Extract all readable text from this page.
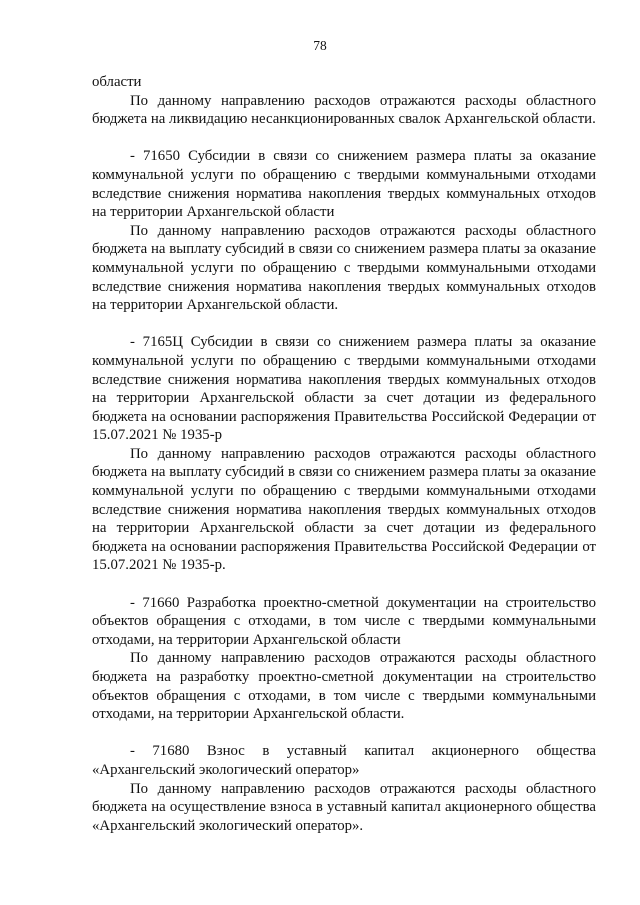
78

области

По данному направлению расходов отражаются расходы областного бюджета на ликвидацию несанкционированных свалок Архангельской области.

- 71650 Субсидии в связи со снижением размера платы за оказание коммунальной услуги по обращению с твердыми коммунальными отходами вследствие снижения норматива накопления твердых коммунальных отходов на территории Архангельской области

По данному направлению расходов отражаются расходы областного бюджета на выплату субсидий в связи со снижением размера платы за оказание коммунальной услуги по обращению с твердыми коммунальными отходами вследствие снижения норматива накопления твердых коммунальных отходов на территории Архангельской области.

- 7165Ц Субсидии в связи со снижением размера платы за оказание коммунальной услуги по обращению с твердыми коммунальными отходами вследствие снижения норматива накопления твердых коммунальных отходов на территории Архангельской области за счет дотации из федерального бюджета на основании распоряжения Правительства Российской Федерации от 15.07.2021 № 1935-р

По данному направлению расходов отражаются расходы областного бюджета на выплату субсидий в связи со снижением размера платы за оказание коммунальной услуги по обращению с твердыми коммунальными отходами вследствие снижения норматива накопления твердых коммунальных отходов на территории Архангельской области за счет дотации из федерального бюджета на основании распоряжения Правительства Российской Федерации от 15.07.2021 № 1935-р.

- 71660 Разработка проектно-сметной документации на строительство объектов обращения с отходами, в том числе с твердыми коммунальными отходами, на территории Архангельской области

По данному направлению расходов отражаются расходы областного бюджета на разработку проектно-сметной документации на строительство объектов обращения с отходами, в том числе с твердыми коммунальными отходами, на территории Архангельской области.

- 71680 Взнос в уставный капитал акционерного общества «Архангельский экологический оператор»

По данному направлению расходов отражаются расходы областного бюджета на осуществление взноса в уставный капитал акционерного общества «Архангельский экологический оператор».
